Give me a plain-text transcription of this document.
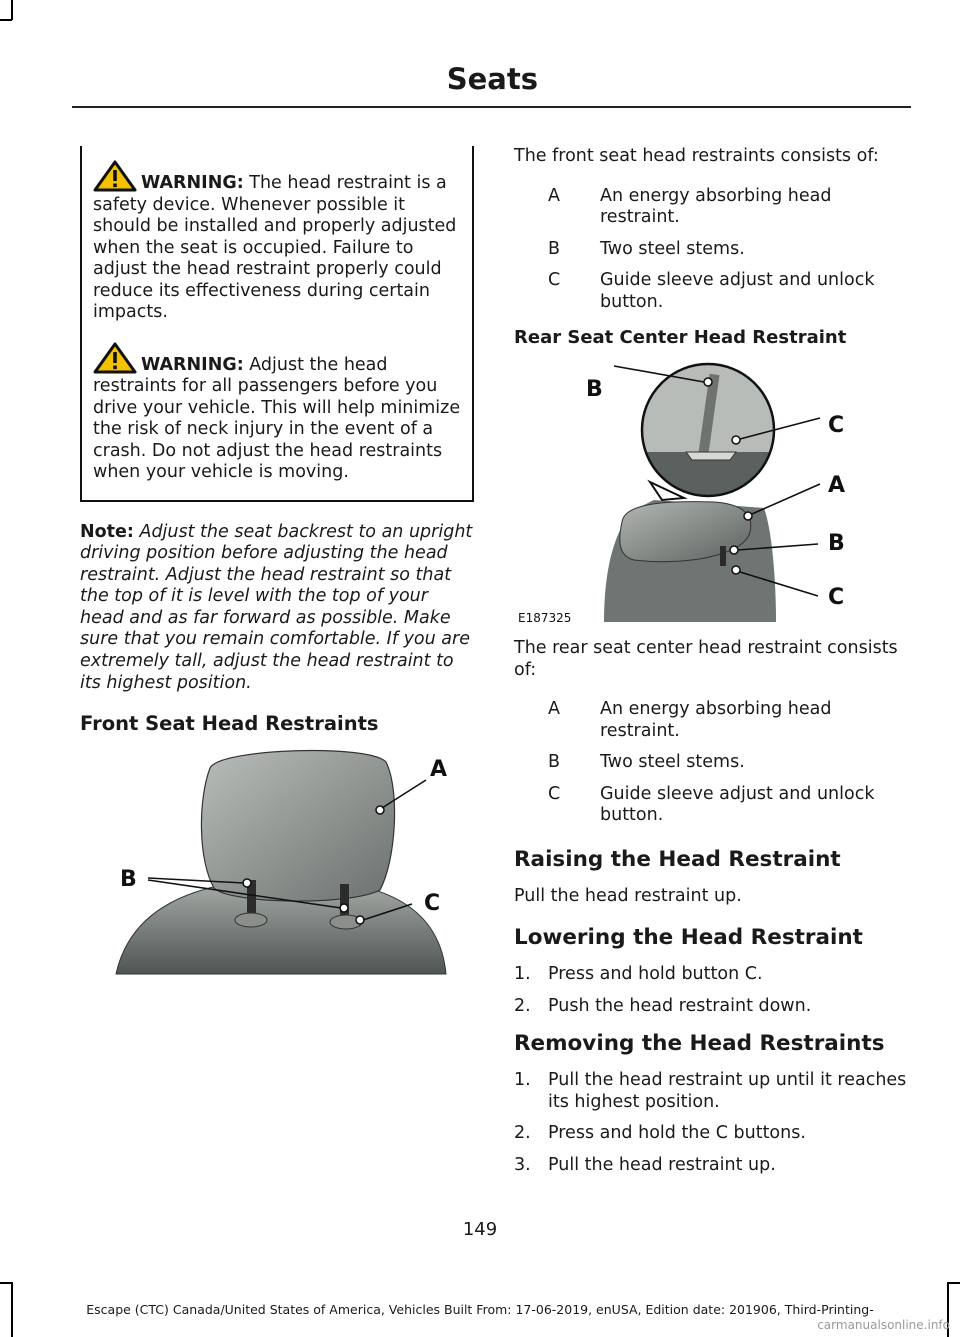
Seats

WARNING: The head restraint is a safety device. Whenever possible it should be installed and properly adjusted when the seat is occupied. Failure to adjust the head restraint properly could reduce its effectiveness during certain impacts.

WARNING: Adjust the head restraints for all passengers before you drive your vehicle. This will help minimize the risk of neck injury in the event of a crash. Do not adjust the head restraints when your vehicle is moving.

Note: Adjust the seat backrest to an upright driving position before adjusting the head restraint. Adjust the head restraint so that the top of it is level with the top of your head and as far forward as possible. Make sure that you remain comfortable. If you are extremely tall, adjust the head restraint to its highest position.

Front Seat Head Restraints
A
B
C

The front seat head restraints consists of:

A	An energy absorbing head restraint.
B	Two steel stems.
C	Guide sleeve adjust and unlock button.
Rear Seat Center Head Restraint

The rear seat center head restraint consists of:

A	An energy absorbing head restraint.
B	Two steel stems.
C	Guide sleeve adjust and unlock button.
Raising the Head Restraint

Pull the head restraint up.

Lowering the Head Restraint
1. Press and hold button C.
2. Push the head restraint down.
Removing the Head Restraints
1. Pull the head restraint up until it reaches its highest position.
2. Press and hold the C buttons.
3. Pull the head restraint up.
B
C
A
B
C
E187325
149
Escape (CTC) Canada/United States of America, Vehicles Built From: 17-06-2019, enUSA, Edition date: 201906, Third-Printing-
carmanualsonline.info
